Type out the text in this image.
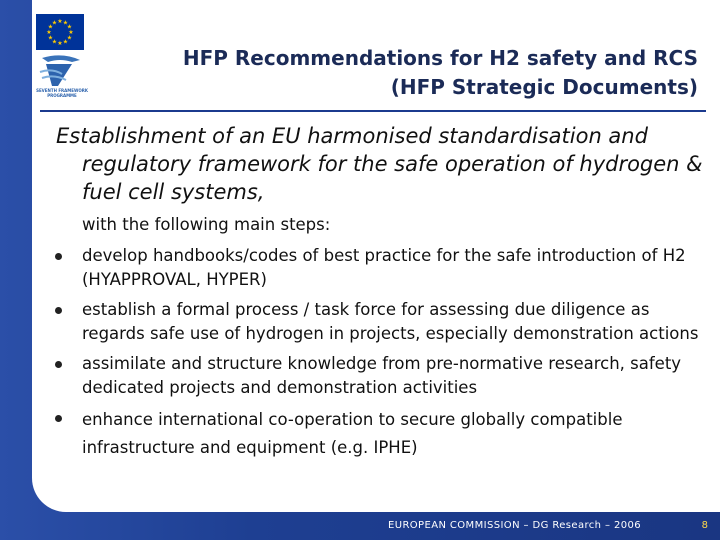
★ ★
★
★
★
★
★
★
★
★
★
★
SEVENTH FRAMEWORK PROGRAMME
HFP Recommendations for H2 safety and RCS
(HFP Strategic Documents)
Establishment of an EU harmonised standardisation and regulatory framework for the safe operation of hydrogen & fuel cell systems,
with the following main steps:
develop handbooks/codes of best practice for the safe introduction of H2 (HYAPPROVAL, HYPER)
establish a formal process / task force for assessing due diligence as regards safe use of hydrogen in projects, especially demonstration actions
assimilate and structure knowledge from pre-normative research, safety dedicated projects and demonstration activities
enhance international co-operation to secure globally compatible infrastructure and equipment (e.g. IPHE)
EUROPEAN COMMISSION – DG Research – 2006	8
